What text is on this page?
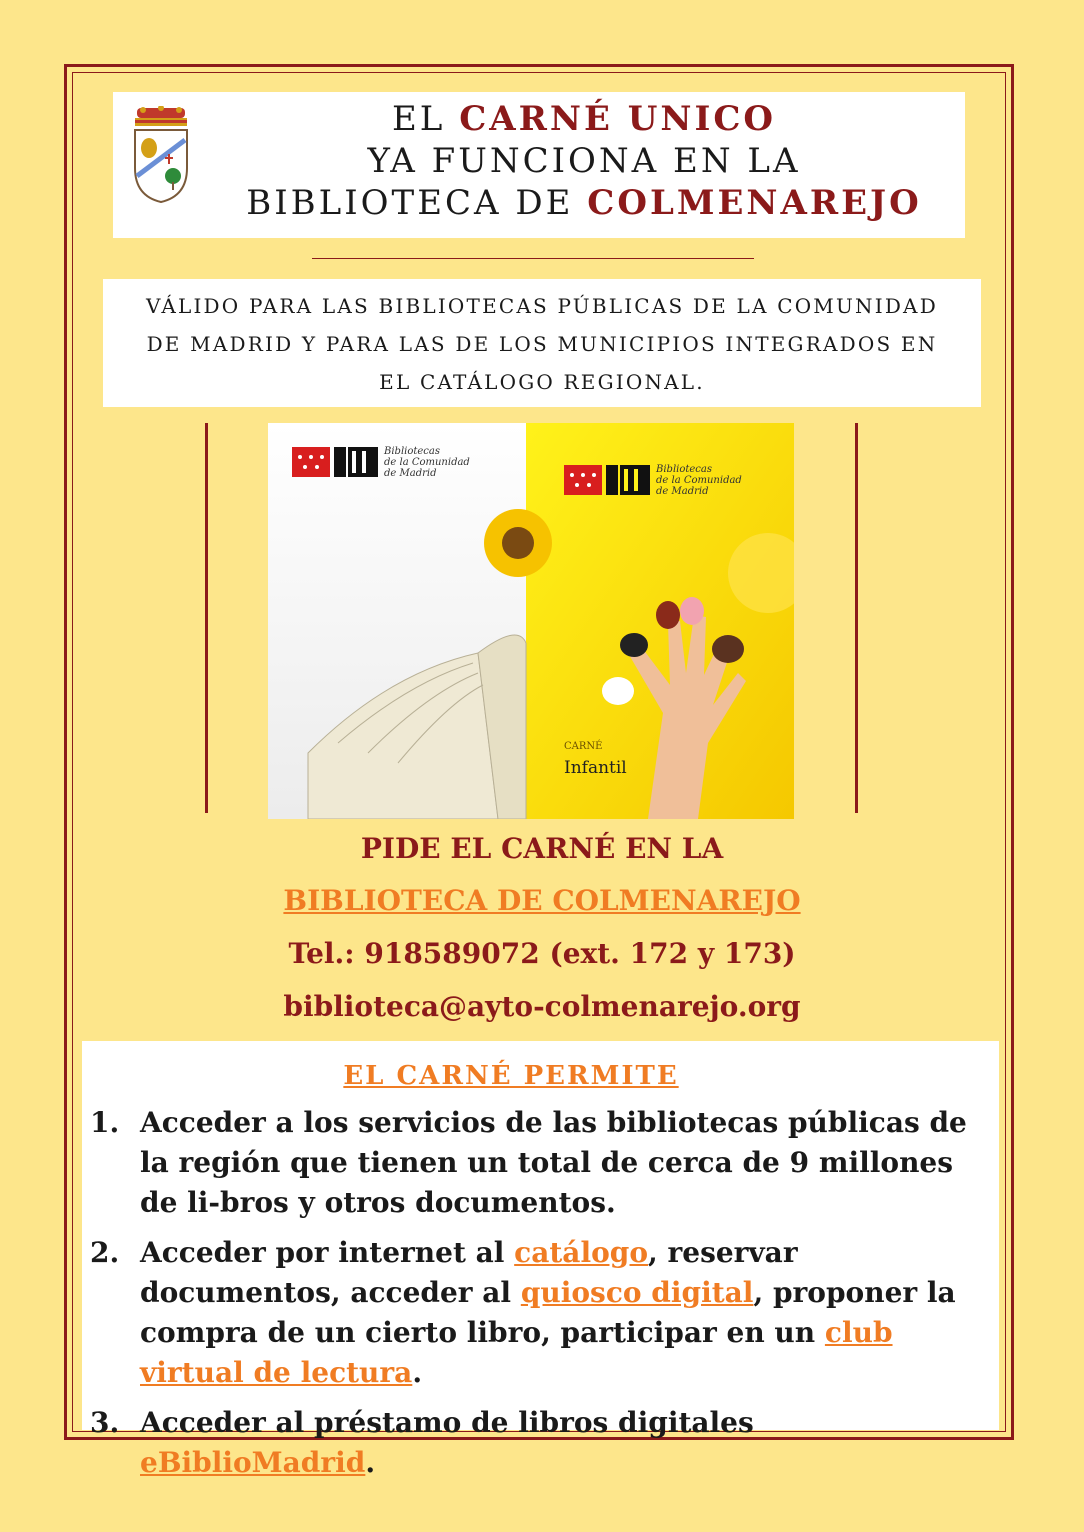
EL CARNÉ UNICO
YA FUNCIONA EN LA
BIBLIOTECA DE COLMENAREJO
VÁLIDO PARA LAS BIBLIOTECAS PÚBLICAS DE LA COMUNIDAD
DE MADRID Y PARA LAS DE LOS MUNICIPIOS INTEGRADOS EN
EL CATÁLOGO REGIONAL.
Bibliotecas
de la Comunidad
de Madrid	Bibliotecas
de la Comunidad
de Madrid
CARNÉ
Infantil
PIDE EL CARNÉ EN LA
BIBLIOTECA DE COLMENAREJO
Tel.: 918589072 (ext. 172 y 173)
biblioteca@ayto-colmenarejo.org
EL CARNÉ PERMITE
1. Acceder a los servicios de las bibliotecas públicas de la región que tienen un total de cerca de 9 millones de li-bros y otros documentos.
2. Acceder por internet al catálogo, reservar documentos, acceder al quiosco digital, proponer la compra de un cierto libro, participar en un club virtual de lectura.
3. Acceder al préstamo de libros digitales eBiblioMadrid.
